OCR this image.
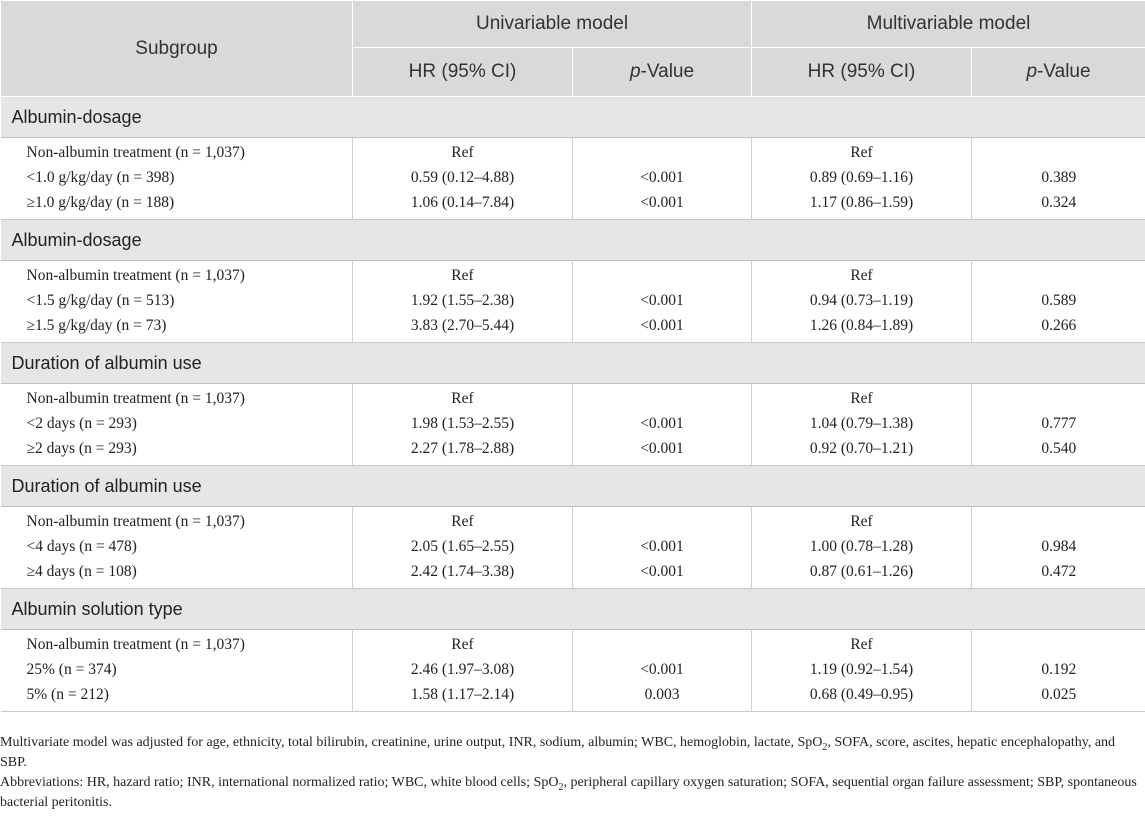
Subgroup	Univariable model		Multivariable model	
	HR (95% CI)	p-Value	HR (95% CI)	p-Value
Albumin-dosage				
Non-albumin treatment (n = 1,037)	Ref		Ref	
<1.0 g/kg/day (n = 398)	0.59 (0.12–4.88)	<0.001	0.89 (0.69–1.16)	0.389
≥1.0 g/kg/day (n = 188)	1.06 (0.14–7.84)	<0.001	1.17 (0.86–1.59)	0.324
Albumin-dosage				
Non-albumin treatment (n = 1,037)	Ref		Ref	
<1.5 g/kg/day (n = 513)	1.92 (1.55–2.38)	<0.001	0.94 (0.73–1.19)	0.589
≥1.5 g/kg/day (n = 73)	3.83 (2.70–5.44)	<0.001	1.26 (0.84–1.89)	0.266
Duration of albumin use				
Non-albumin treatment (n = 1,037)	Ref		Ref	
<2 days (n = 293)	1.98 (1.53–2.55)	<0.001	1.04 (0.79–1.38)	0.777
≥2 days (n = 293)	2.27 (1.78–2.88)	<0.001	0.92 (0.70–1.21)	0.540
Duration of albumin use				
Non-albumin treatment (n = 1,037)	Ref		Ref	
<4 days (n = 478)	2.05 (1.65–2.55)	<0.001	1.00 (0.78–1.28)	0.984
≥4 days (n = 108)	2.42 (1.74–3.38)	<0.001	0.87 (0.61–1.26)	0.472
Albumin solution type				
Non-albumin treatment (n = 1,037)	Ref		Ref	
25% (n = 374)	2.46 (1.97–3.08)	<0.001	1.19 (0.92–1.54)	0.192
5% (n = 212)	1.58 (1.17–2.14)	0.003	0.68 (0.49–0.95)	0.025

Multivariate model was adjusted for age, ethnicity, total bilirubin, creatinine, urine output, INR, sodium, albumin; WBC, hemoglobin, lactate, SpO$_2$, SOFA, score, ascites, hepatic encephalopathy, and SBP.

Abbreviations: HR, hazard ratio; INR, international normalized ratio; WBC, white blood cells; SpO$_2$, peripheral capillary oxygen saturation; SOFA, sequential organ failure assessment; SBP, spontaneous bacterial peritonitis.
